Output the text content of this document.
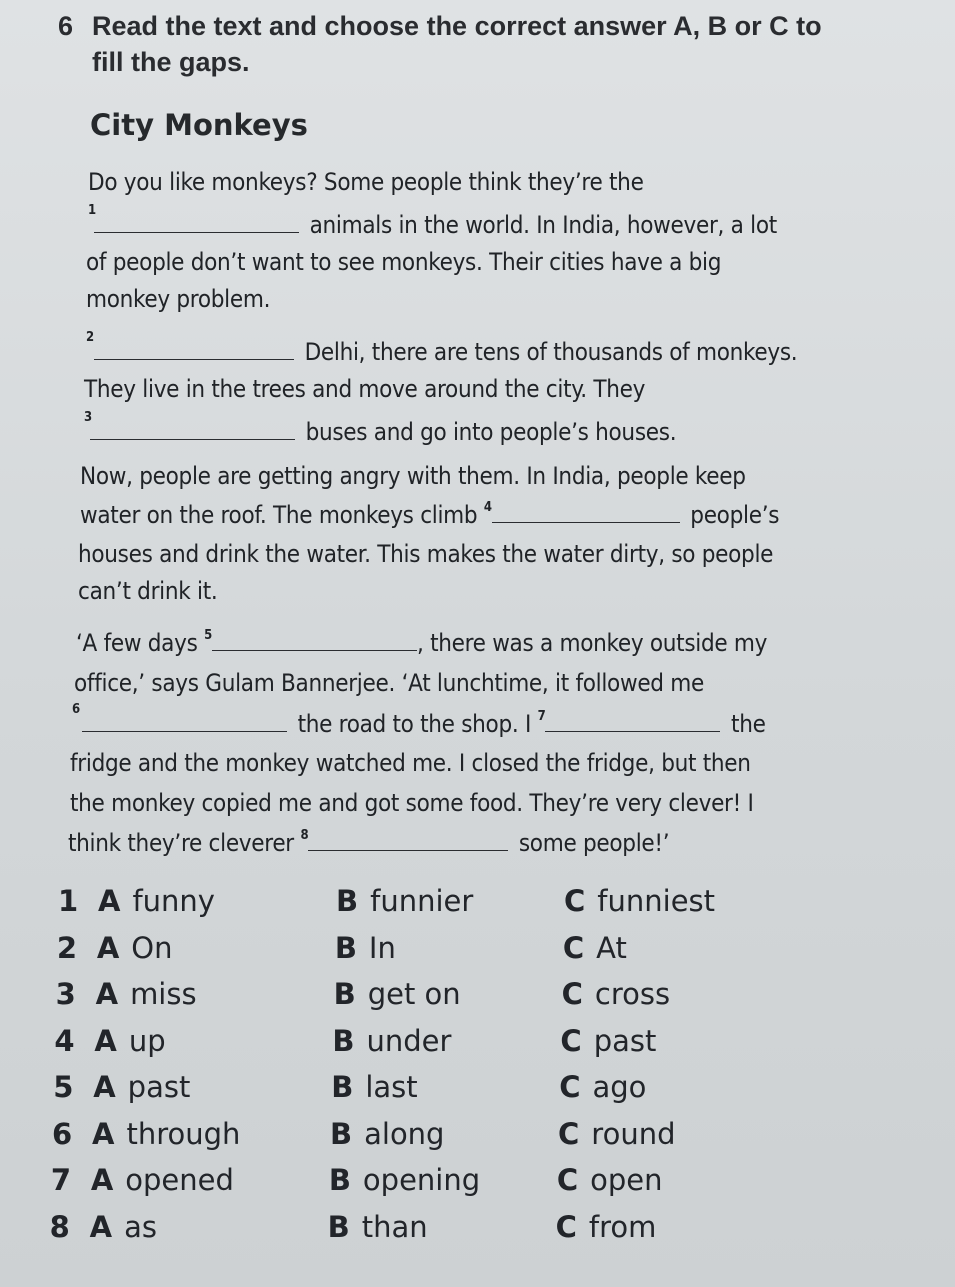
6 Read the text and choose the correct answer A, B or C to fill the gaps.
City Monkeys
Do you like monkeys? Some people think they’re the
1
animals in the world. In India, however, a lot
of people don’t want to see monkeys. Their cities have a big
monkey problem.
2
Delhi, there are tens of thousands of monkeys.
They live in the trees and move around the city. They
3
buses and go into people’s houses.
Now, people are getting angry with them. In India, people keep
water on the roof. The monkeys climb $^4$	people’s
houses and drink the water. This makes the water dirty, so people
can’t drink it.
‘A few days $^5$	, there was a monkey outside my
office,’ says Gulam Bannerjee. ‘At lunchtime, it followed me
6
the road to the shop. I $^7$	the
fridge and the monkey watched me. I closed the fridge, but then
the monkey copied me and got some food. They’re very clever! I
think they’re cleverer $^8$	some people!’
1 A funny	B funnier	C funniest
2 A On	B In	C At
3 A miss	B get on	C cross
4 A up	B under	C past
5 A past	B last	C ago
6 A through	B along	C round
7 A opened	B opening	C open
8 A as	B than	C from
